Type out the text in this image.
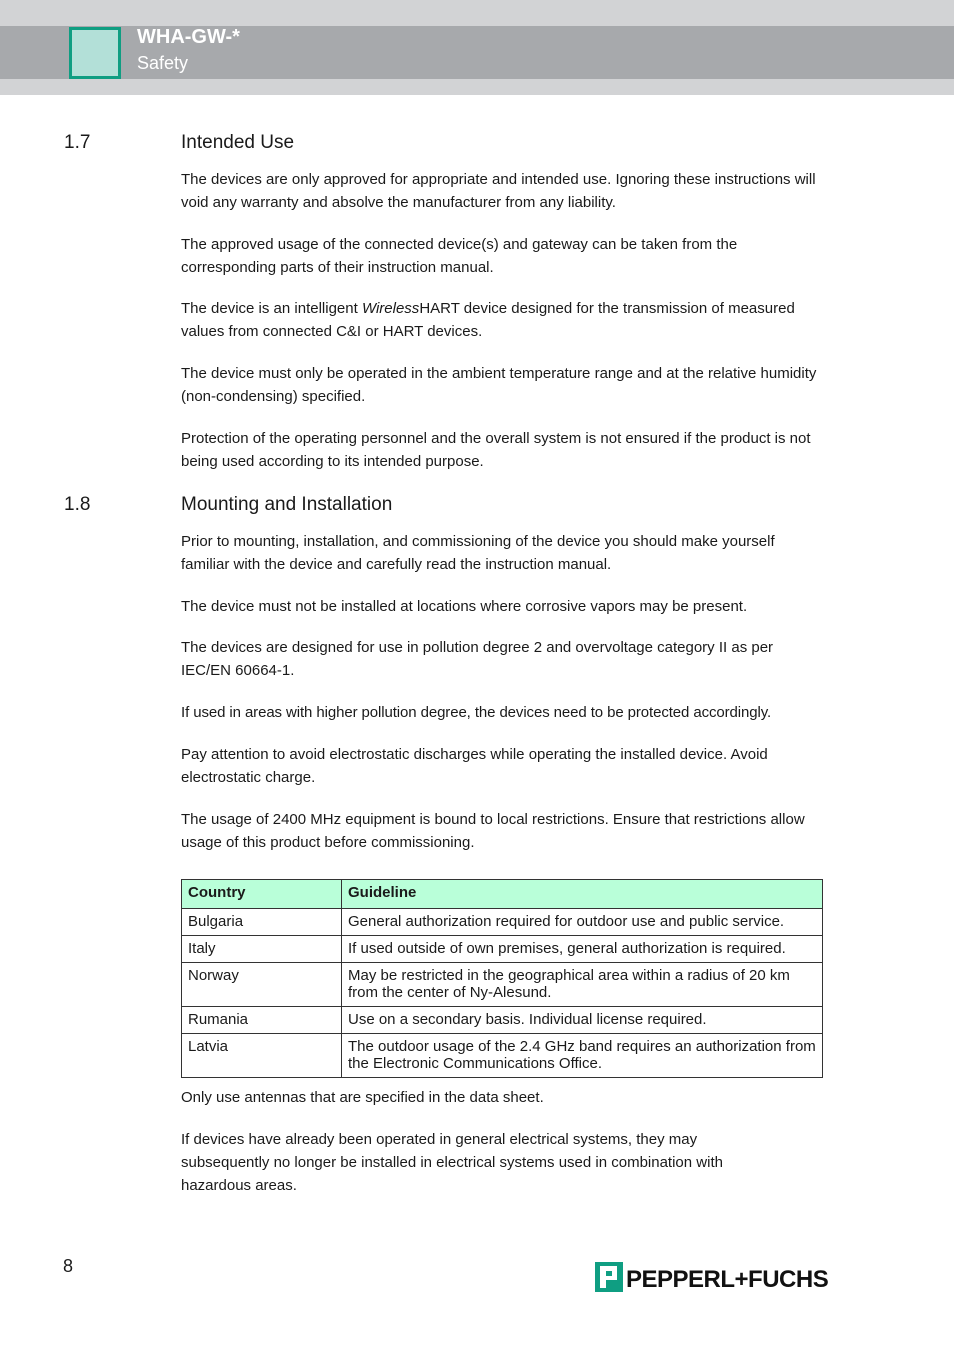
WHA-GW-*
Safety
1.7	Intended Use

The devices are only approved for appropriate and intended use. Ignoring these instructions will void any warranty and absolve the manufacturer from any liability.

The approved usage of the connected device(s) and gateway can be taken from the corresponding parts of their instruction manual.

The device is an intelligent WirelessHART device designed for the transmission of measured values from connected C&I or HART devices.

The device must only be operated in the ambient temperature range and at the relative humidity (non-condensing) specified.

Protection of the operating personnel and the overall system is not ensured if the product is not being used according to its intended purpose.

1.8	Mounting and Installation

Prior to mounting, installation, and commissioning of the device you should make yourself familiar with the device and carefully read the instruction manual.

The device must not be installed at locations where corrosive vapors may be present.

The devices are designed for use in pollution degree 2 and overvoltage category II as per IEC/EN 60664-1.

If used in areas with higher pollution degree, the devices need to be protected accordingly.

Pay attention to avoid electrostatic discharges while operating the installed device. Avoid electrostatic charge.

The usage of 2400 MHz equipment is bound to local restrictions. Ensure that restrictions allow usage of this product before commissioning.

Country	Guideline
Bulgaria	General authorization required for outdoor use and public service.
Italy	If used outside of own premises, general authorization is required.
Norway	May be restricted in the geographical area within a radius of 20 km from the center of Ny-Alesund.
Rumania	Use on a secondary basis. Individual license required.
Latvia	The outdoor usage of the 2.4 GHz band requires an authorization from the Electronic Communications Office.

Only use antennas that are specified in the data sheet.

If devices have already been operated in general electrical systems, they may subsequently no longer be installed in electrical systems used in combination with hazardous areas.

8	PEPPERL+FUCHS
